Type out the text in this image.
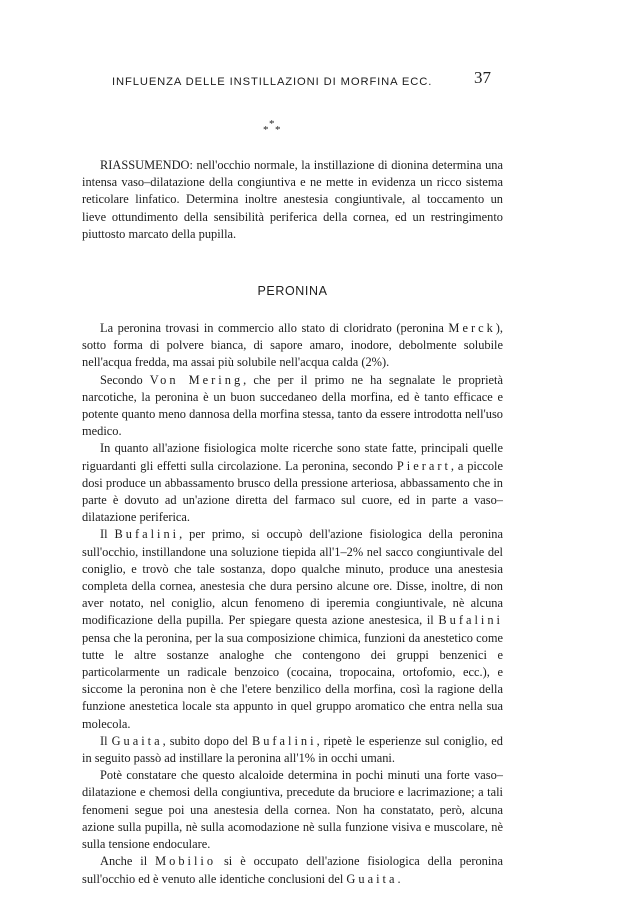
INFLUENZA DELLE INSTILLAZIONI DI MORFINA ECC. 37
*
* *

RIASSUMENDO: nell'occhio normale, la instillazione di dionina determina una intensa vaso–dilatazione della congiuntiva e ne mette in evidenza un ricco sistema reticolare linfatico. Determina inoltre anestesia congiuntivale, al toccamento un lieve ottundimento della sensibilità periferica della cornea, ed un restringimento piuttosto marcato della pupilla.

PERONINA

La peronina trovasi in commercio allo stato di cloridrato (peronina Merck), sotto forma di polvere bianca, di sapore amaro, inodore, debolmente solubile nell'acqua fredda, ma assai più solubile nell'acqua calda (2%).

Secondo Von Mering, che per il primo ne ha segnalate le proprietà narcotiche, la peronina è un buon succedaneo della morfina, ed è tanto efficace e potente quanto meno dannosa della morfina stessa, tanto da essere introdotta nell'uso medico.

In quanto all'azione fisiologica molte ricerche sono state fatte, principali quelle riguardanti gli effetti sulla circolazione. La peronina, secondo Pierart, a piccole dosi produce un abbassamento brusco della pressione arteriosa, abbassamento che in parte è dovuto ad un'azione diretta del farmaco sul cuore, ed in parte a vaso–dilatazione periferica.

Il Bufalini, per primo, si occupò dell'azione fisiologica della peronina sull'occhio, instillandone una soluzione tiepida all'1–2% nel sacco congiuntivale del coniglio, e trovò che tale sostanza, dopo qualche minuto, produce una anestesia completa della cornea, anestesia che dura persino alcune ore. Disse, inoltre, di non aver notato, nel coniglio, alcun fenomeno di iperemia congiuntivale, nè alcuna modificazione della pupilla. Per spiegare questa azione anestesica, il Bufalini pensa che la peronina, per la sua composizione chimica, funzioni da anestetico come tutte le altre sostanze analoghe che contengono dei gruppi benzenici e particolarmente un radicale benzoico (cocaina, tropocaina, ortofomio, ecc.), e siccome la peronina non è che l'etere benzilico della morfina, così la ragione della funzione anestetica locale sta appunto in quel gruppo aromatico che entra nella sua molecola.

Il Guaita, subito dopo del Bufalini, ripetè le esperienze sul coniglio, ed in seguito passò ad instillare la peronina all'1% in occhi umani.

Potè constatare che questo alcaloide determina in pochi minuti una forte vaso–dilatazione e chemosi della congiuntiva, precedute da bruciore e lacrimazione; a tali fenomeni segue poi una anestesia della cornea. Non ha constatato, però, alcuna azione sulla pupilla, nè sulla acomodazione nè sulla funzione visiva e muscolare, nè sulla tensione endoculare.

Anche il Mobilio si è occupato dell'azione fisiologica della peronina sull'occhio ed è venuto alle identiche conclusioni del Guaita.
